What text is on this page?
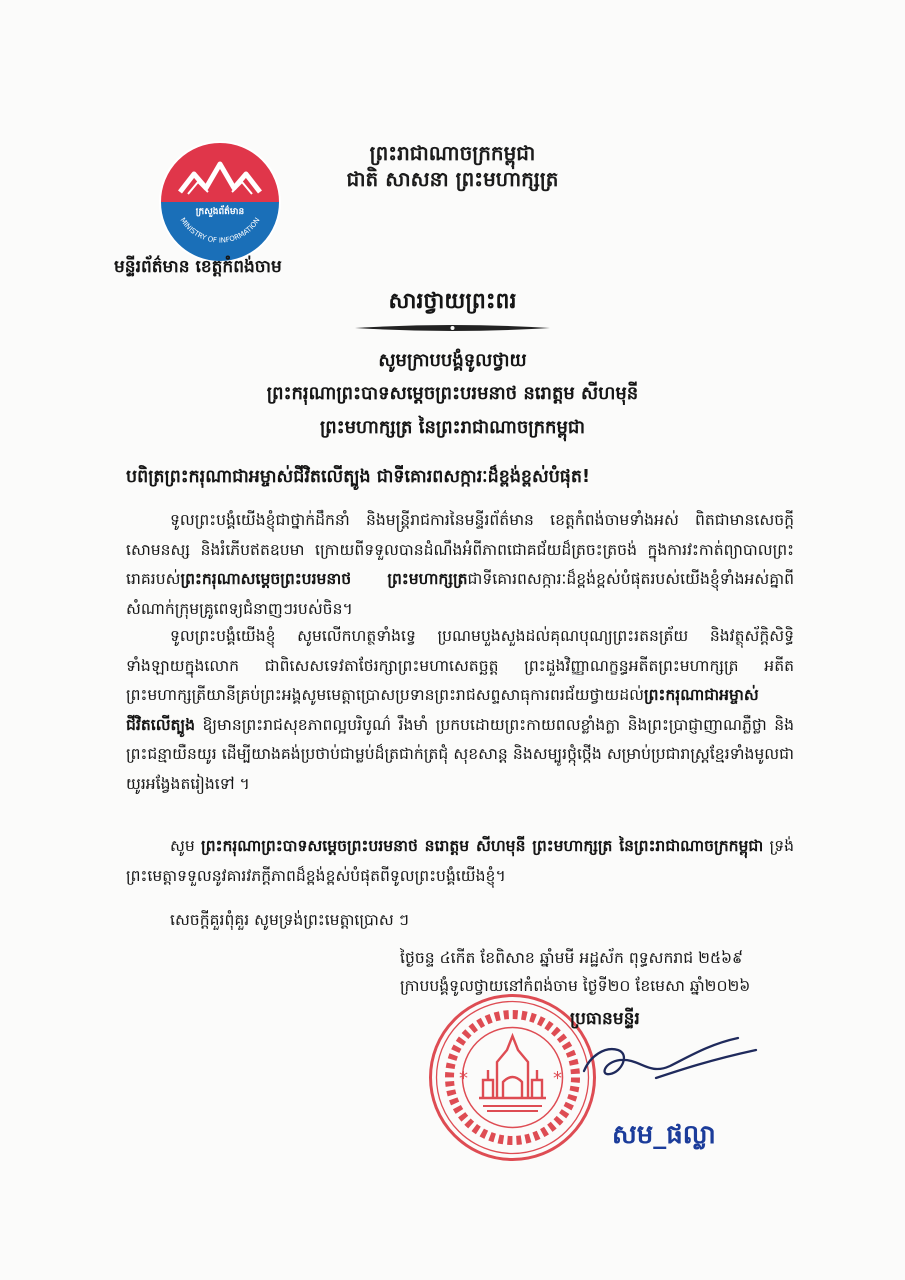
ព្រះរាជាណាចក្រកម្ពុជា
ជាតិ សាសនា ព្រះមហាក្សត្រ
ក្រសួងព័ត៌មាន
MINISTRY OF INFORMATION
មន្ទីរព័ត៌មាន ខេត្តកំពង់ចាម
សារថ្វាយព្រះពរ
សូមក្រាបបង្គំទូលថ្វាយ
ព្រះករុណាព្រះបាទសម្តេចព្រះបរមនាថ នរោត្តម សីហមុនី
ព្រះមហាក្សត្រ នៃព្រះរាជាណាចក្រកម្ពុជា
បពិត្រព្រះករុណាជាអម្ចាស់ជីវិតលើត្បូង ជាទីគោរពសក្ការៈដ៏ខ្ពង់ខ្ពស់បំផុត!
ទូលព្រះបង្គំយើងខ្ញុំជាថ្នាក់ដឹកនាំ និងមន្ត្រីរាជការនៃមន្ទីរព័ត៌មាន ខេត្តកំពង់ចាមទាំងអស់ ពិតជាមានសេចក្តីសោមនស្ស និងរំភើបឥតឧបមា ក្រោយពីទទួលបានដំណឹងអំពីភាពជោគជ័យដ៏ត្រចះត្រចង់ ក្នុងការវះកាត់ព្យាបាលព្រះរោគរបស់ព្រះករុណាសម្តេចព្រះបរមនាថ ព្រះមហាក្សត្រជាទីគោរពសក្ការៈដ៏ខ្ពង់ខ្ពស់បំផុតរបស់យើងខ្ញុំទាំងអស់គ្នាពីសំណាក់ក្រុមគ្រូពេទ្យជំនាញៗរបស់ចិន។
ទូលព្រះបង្គំយើងខ្ញុំ សូមលើកហត្ថទាំងទ្វេ ប្រណមបួងសួងដល់គុណបុណ្យព្រះរតនត្រ័យ និងវត្ថុស័ក្តិសិទ្ធិទាំងឡាយក្នុងលោក ជាពិសេសទេវតាថែរក្សាព្រះមហាសេតច្ឆត្ត ព្រះដួងវិញ្ញាណក្ខន្ធអតីតព្រះមហាក្សត្រ អតីតព្រះមហាក្សត្រីយានីគ្រប់ព្រះអង្គសូមមេត្តាប្រោសប្រទានព្រះរាជសព្ទសាធុការពរជ័យថ្វាយដល់ព្រះករុណាជាអម្ចាស់ជីវិតលើត្បូង ឱ្យមានព្រះរាជសុខភាពល្អបរិបូណ៌ រឹងមាំ ប្រកបដោយព្រះកាយពលខ្លាំងក្លា និងព្រះប្រាជ្ញាញាណភ្លឺថ្លា និងព្រះជន្មាយឺនយូរ ដើម្បីយាងគង់ប្រថាប់ជាម្លប់ដ៏ត្រជាក់ត្រជុំ សុខសាន្ត និងសម្បូរថ្កុំថ្កើង សម្រាប់ប្រជារាស្ត្រខ្មែរទាំងមូលជាយូរអង្វែងតរៀងទៅ ។
សូម ព្រះករុណាព្រះបាទសម្តេចព្រះបរមនាថ នរោត្តម សីហមុនី ព្រះមហាក្សត្រ នៃព្រះរាជាណាចក្រកម្ពុជា ទ្រង់ព្រះមេត្តាទទួលនូវគារវភក្តីភាពដ៏ខ្ពង់ខ្ពស់បំផុតពីទូលព្រះបង្គំយើងខ្ញុំ។
សេចក្តីគួរពុំគួរ សូមទ្រង់ព្រះមេត្តាប្រោស ៗ
ថ្ងៃចន្ទ ៤កើត ខែពិសាខ ឆ្នាំមមី អដ្ឋស័ក ពុទ្ធសករាជ ២៥៦៩
ក្រាបបង្គំទូលថ្វាយនៅកំពង់ចាម ថ្ងៃទី២០ ខែមេសា ឆ្នាំ២០២៦
*	*
ប្រធានមន្ទីរ
សម_ផល្លា
